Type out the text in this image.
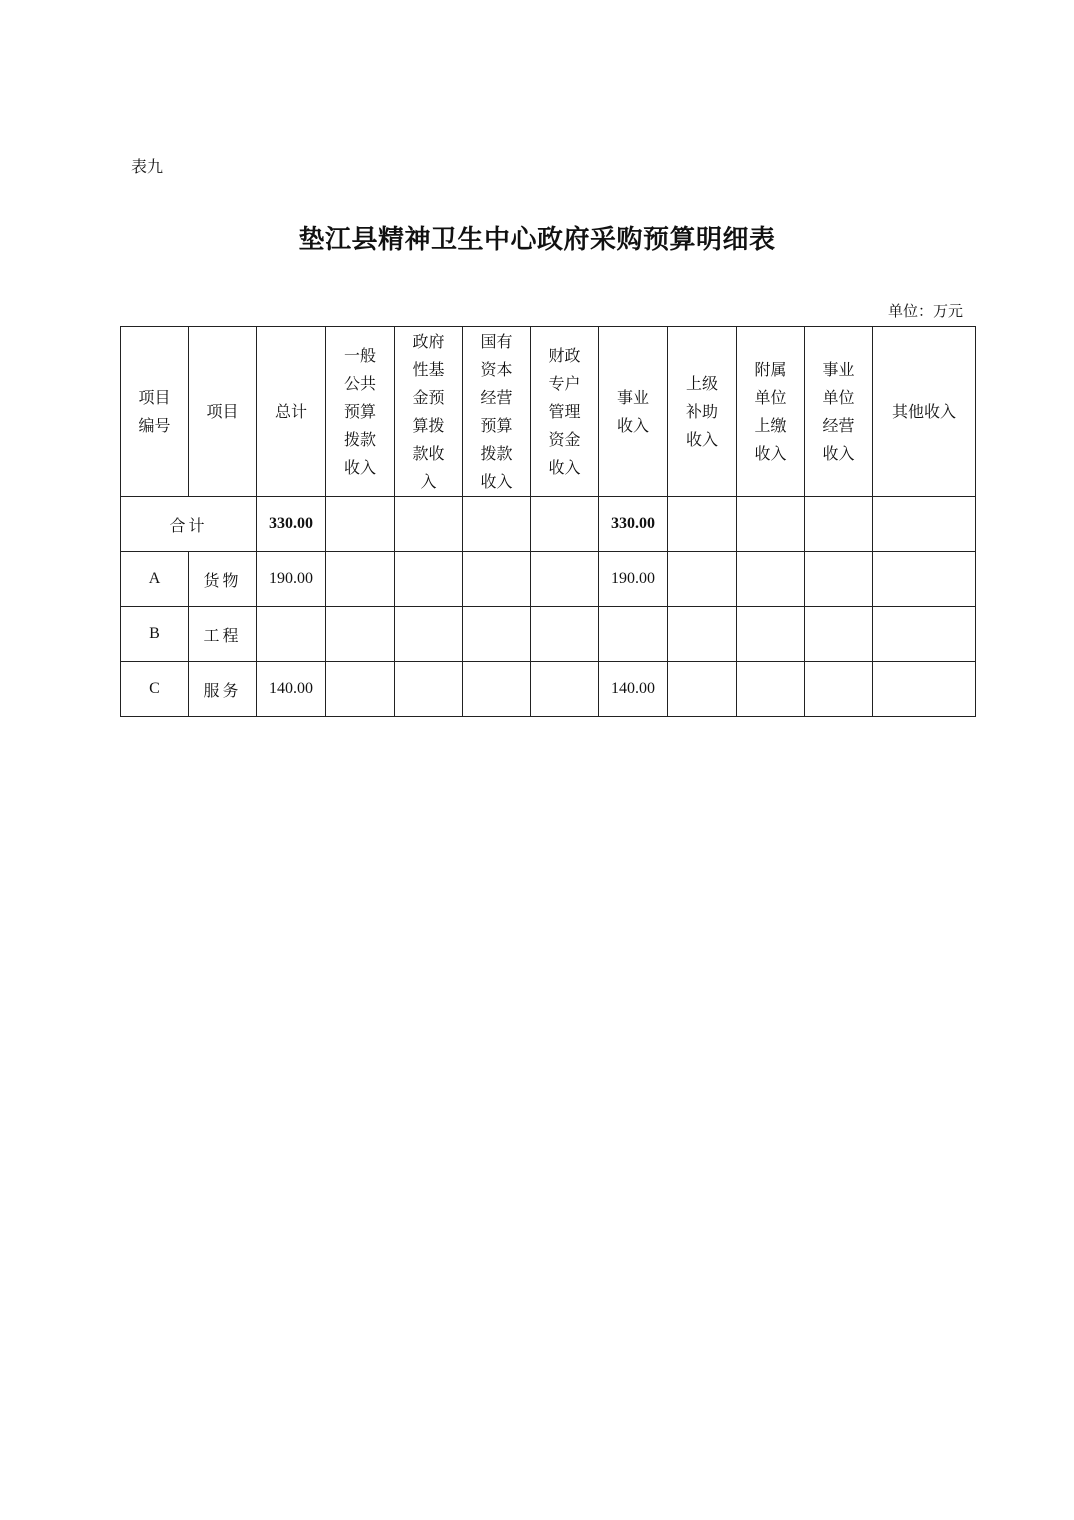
表九
垫江县精神卫生中心政府采购预算明细表
单位：万元
项目编号	项目	总计	一般公共预算拨款收入	政府性基金预算拨款收入	国有资本经营预算拨款收入	财政专户管理资金收入	事业收入	上级补助收入	附属单位上缴收入	事业单位经营收入	其他收入
合计		330.00					330.00				
A	货物	190.00					190.00				
B	工程										
C	服务	140.00					140.00				
